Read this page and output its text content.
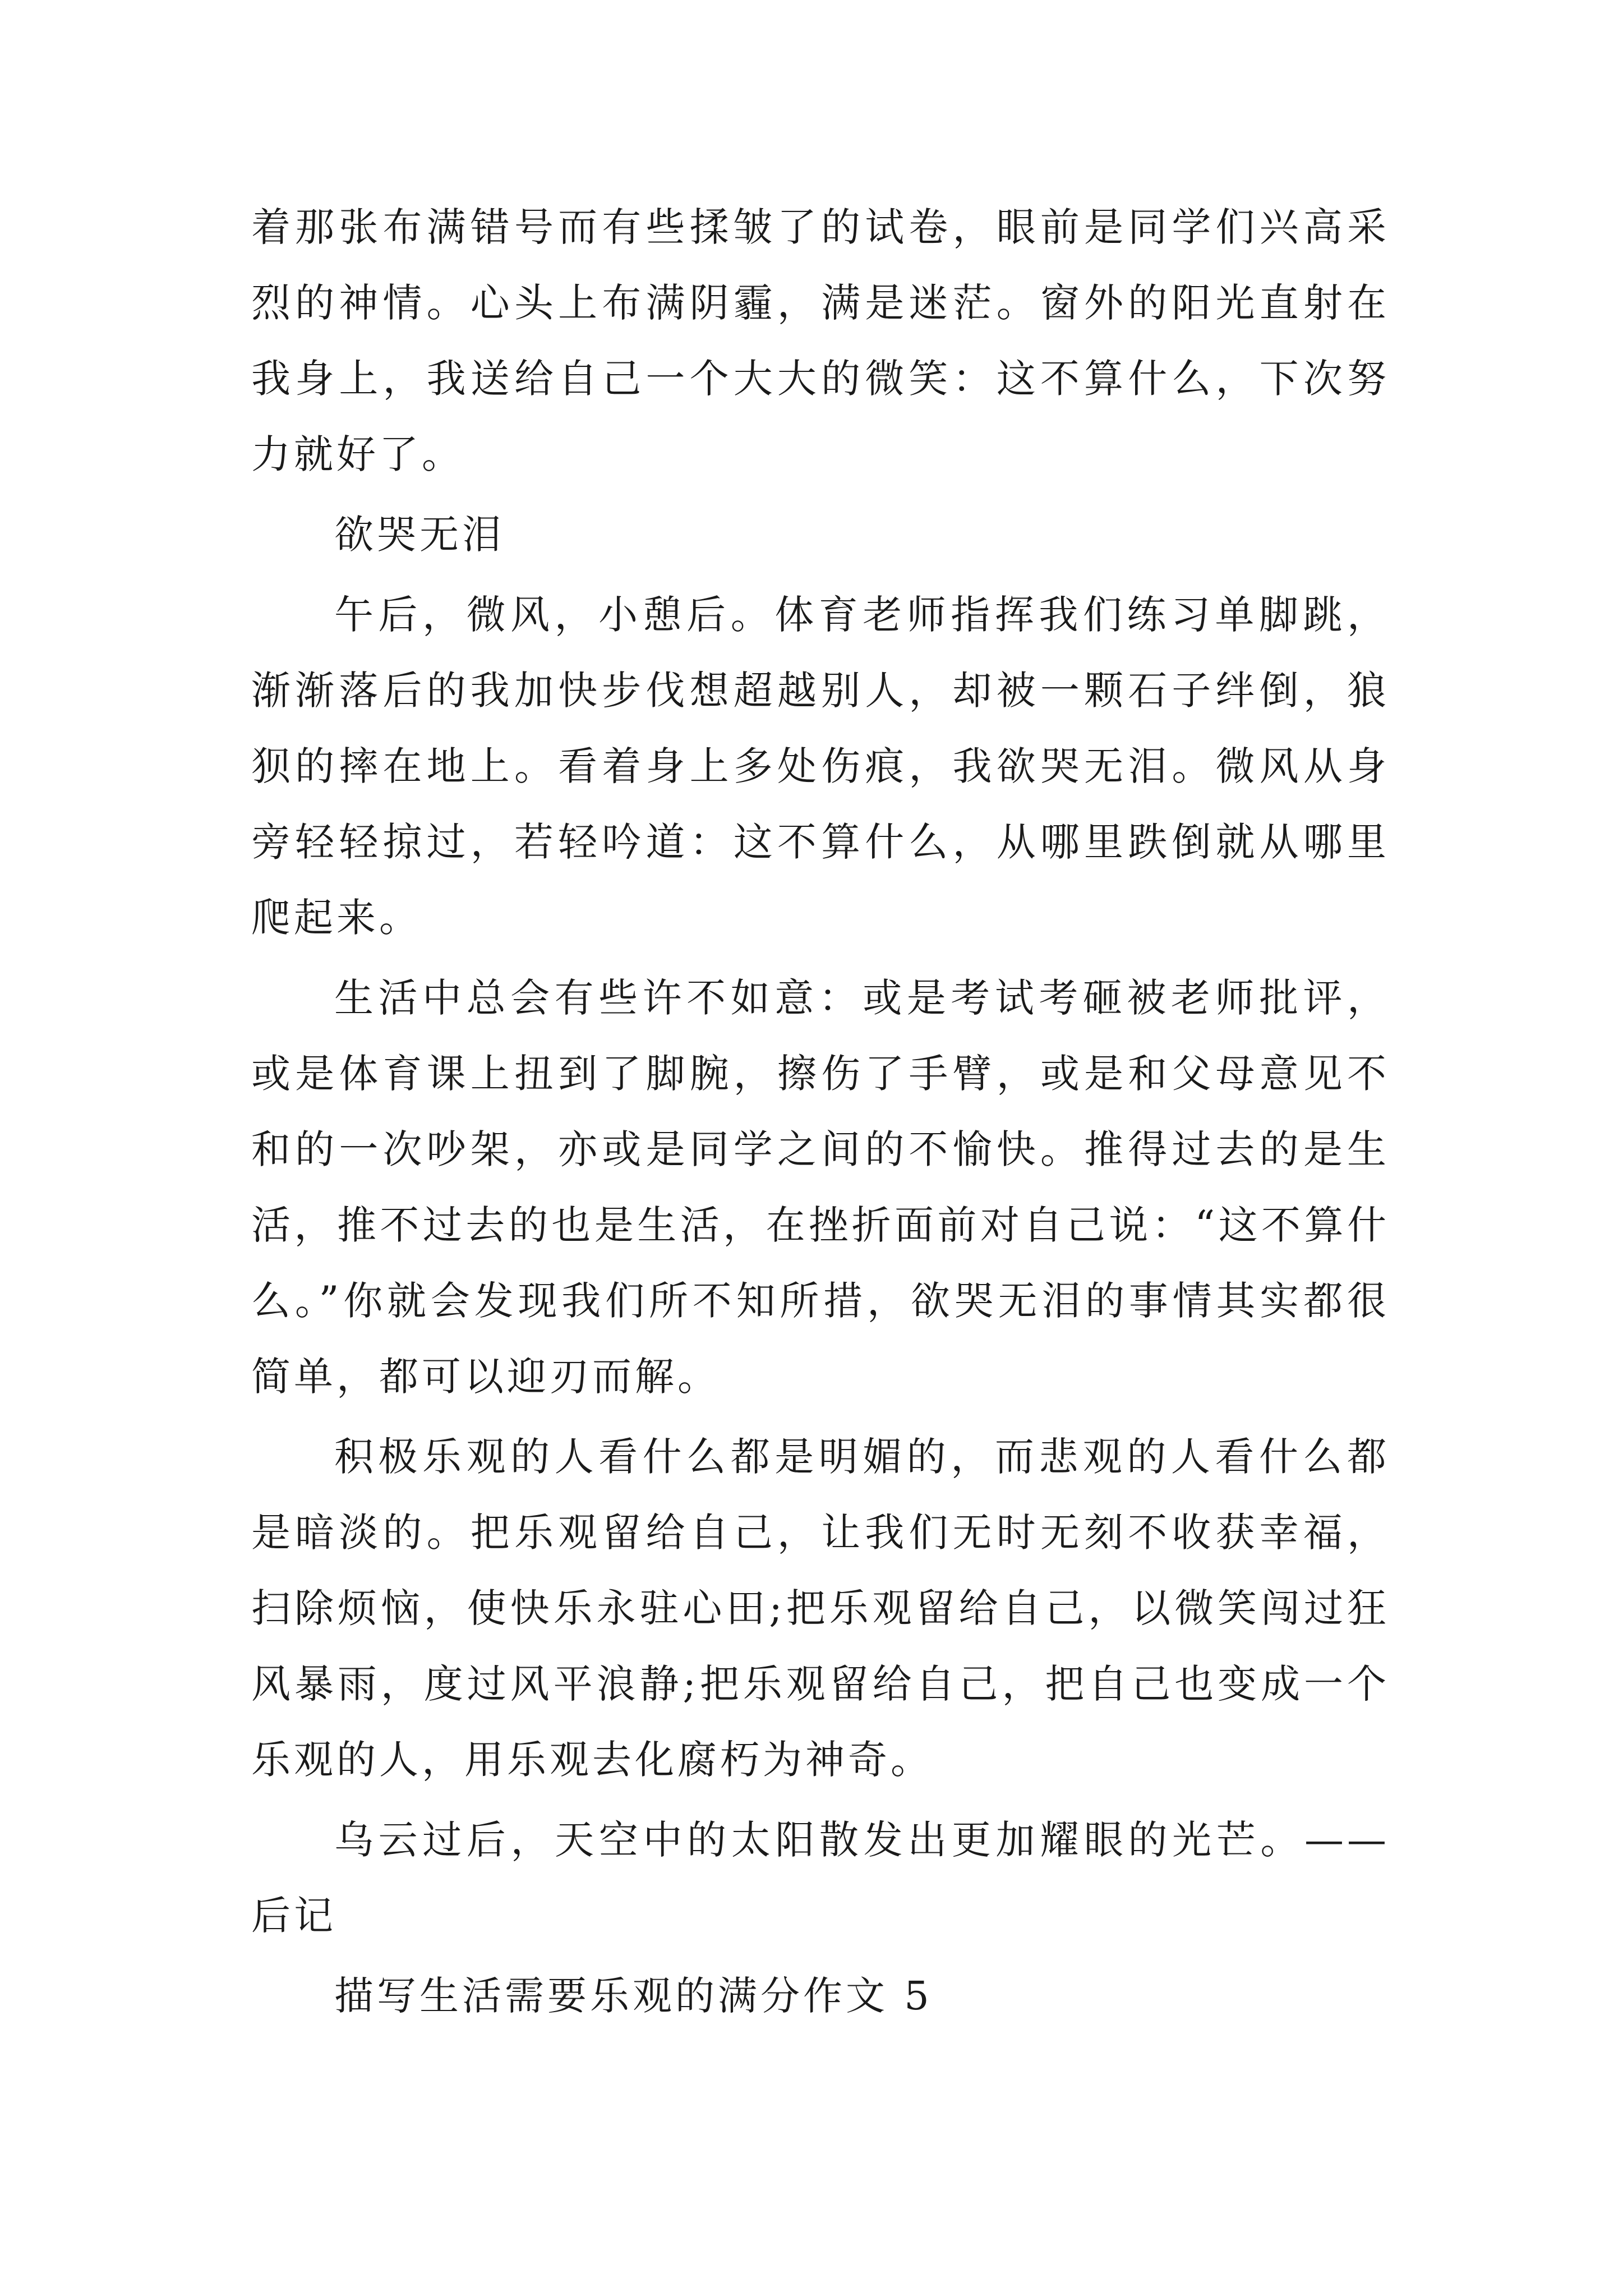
着那张布满错号而有些揉皱了的试卷，眼前是同学们兴高采烈的神情。心头上布满阴霾，满是迷茫。窗外的阳光直射在我身上，我送给自己一个大大的微笑：这不算什么，下次努力就好了。

欲哭无泪

午后，微风，小憩后。体育老师指挥我们练习单脚跳，渐渐落后的我加快步伐想超越别人，却被一颗石子绊倒，狼狈的摔在地上。看着身上多处伤痕，我欲哭无泪。微风从身旁轻轻掠过，若轻吟道：这不算什么，从哪里跌倒就从哪里爬起来。

生活中总会有些许不如意：或是考试考砸被老师批评，或是体育课上扭到了脚腕，擦伤了手臂，或是和父母意见不和的一次吵架，亦或是同学之间的不愉快。推得过去的是生活，推不过去的也是生活，在挫折面前对自己说：“这不算什么。”你就会发现我们所不知所措，欲哭无泪的事情其实都很简单，都可以迎刃而解。

积极乐观的人看什么都是明媚的，而悲观的人看什么都是暗淡的。把乐观留给自己，让我们无时无刻不收获幸福，扫除烦恼，使快乐永驻心田;把乐观留给自己，以微笑闯过狂风暴雨，度过风平浪静;把乐观留给自己，把自己也变成一个乐观的人，用乐观去化腐朽为神奇。

乌云过后，天空中的太阳散发出更加耀眼的光芒。——后记

描写生活需要乐观的满分作文 5
